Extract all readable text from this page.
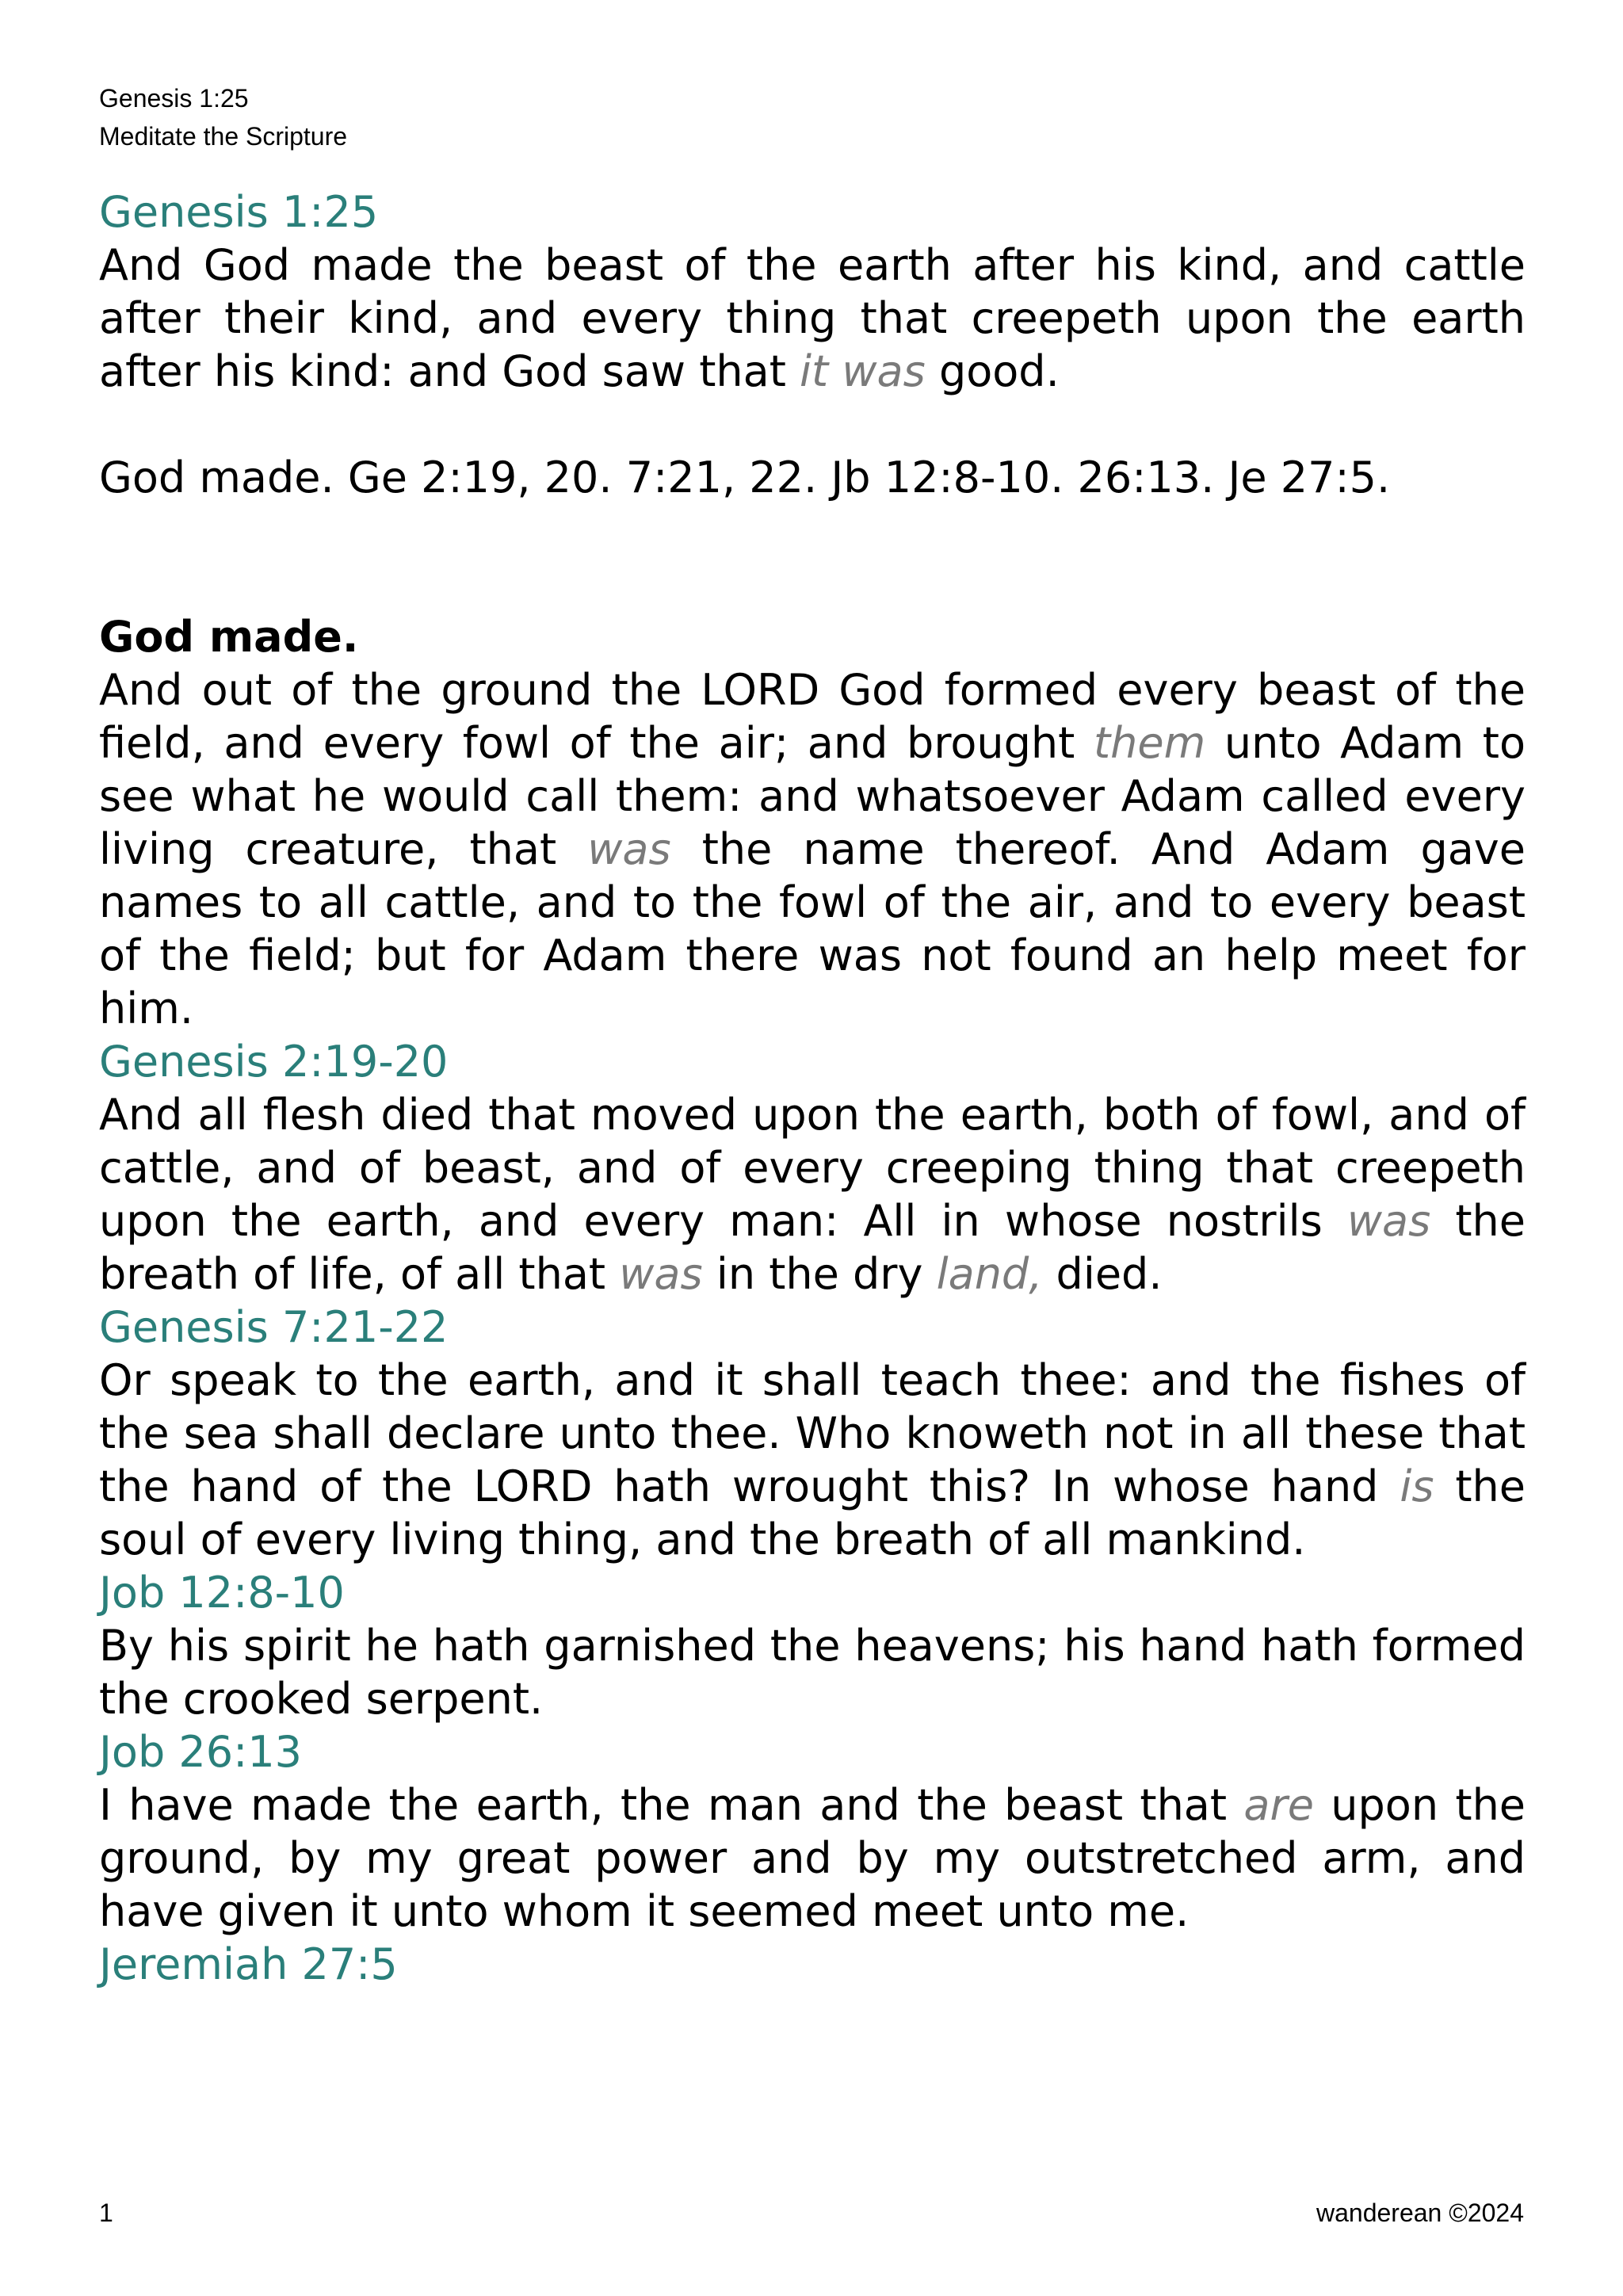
Genesis 1:25
Meditate the Scripture
Genesis 1:25
And God made the beast of the earth after his kind, and cattle after their kind, and every thing that creepeth upon the earth after his kind: and God saw that it was good.
God made. Ge 2:19, 20. 7:21, 22. Jb 12:8-10. 26:13. Je 27:5.
God made.
And out of the ground the LORD God formed every beast of the field, and every fowl of the air; and brought them unto Adam to see what he would call them: and whatsoever Adam called every living creature, that was the name thereof. And Adam gave names to all cattle, and to the fowl of the air, and to every beast of the field; but for Adam there was not found an help meet for him.
Genesis 2:19-20
And all flesh died that moved upon the earth, both of fowl, and of cattle, and of beast, and of every creeping thing that creepeth upon the earth, and every man: All in whose nostrils was the breath of life, of all that was in the dry land, died.
Genesis 7:21-22
Or speak to the earth, and it shall teach thee: and the fishes of the sea shall declare unto thee. Who knoweth not in all these that the hand of the LORD hath wrought this? In whose hand is the soul of every living thing, and the breath of all mankind.
Job 12:8-10
By his spirit he hath garnished the heavens; his hand hath formed the crooked serpent.
Job 26:13
I have made the earth, the man and the beast that are upon the ground, by my great power and by my outstretched arm, and have given it unto whom it seemed meet unto me.
Jeremiah 27:5
1	wanderean ©2024
